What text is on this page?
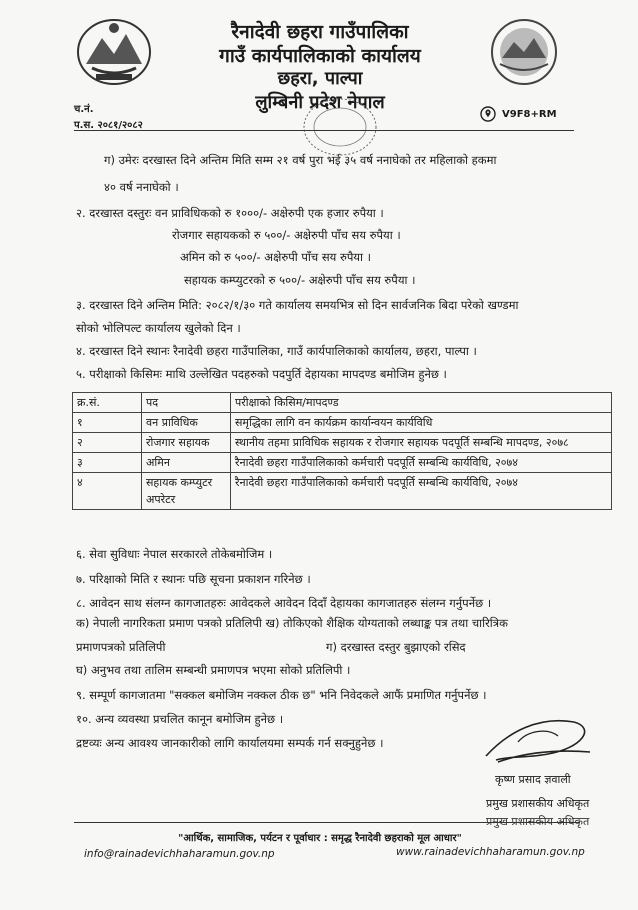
रैनादेवी छहरा गाउँपालिका
गाउँ कार्यपालिकाको कार्यालय
छहरा, पाल्पा
लुम्बिनी प्रदेश नेपाल
च.नं.
प.स. २०८१/२०८२
V9F8+RM
ग) उमेरः दरखास्त दिने अन्तिम मिति सम्म २१ वर्ष पुरा भई ३५ वर्ष ननाघेको तर महिलाको हकमा
४० वर्ष ननाघेको ।
२. दरखास्त दस्तुरः वन प्राविधिकको रु १०००/- अक्षेरुपी एक हजार रुपैया ।
रोजगार सहायकको रु ५००/- अक्षेरुपी पाँच सय रुपैया ।
अमिन को रु ५००/- अक्षेरुपी पाँच सय रुपैया ।
सहायक कम्प्युटरको रु ५००/- अक्षेरुपी पाँच सय रुपैया ।
३. दरखास्त दिने अन्तिम मिति: २०८२/१/३० गते कार्यालय समयभित्र सो दिन सार्वजनिक बिदा परेको खण्डमा
सोको भोलिपल्ट कार्यालय खुलेको दिन ।
४. दरखास्त दिने स्थानः रैनादेवी छहरा गाउँपालिका, गाउँ कार्यपालिकाको कार्यालय, छहरा, पाल्पा ।
५. परीक्षाको किसिमः माथि उल्लेखित पदहरुको पदपुर्ति देहायका मापदण्ड बमोजिम हुनेछ ।
क्र.सं.	पद	परीक्षाको किसिम/मापदण्ड
१	वन प्राविधिक	समृद्धिका लागि वन कार्यक्रम कार्यान्वयन कार्यविधि
२	रोजगार सहायक	स्थानीय तहमा प्राविधिक सहायक र रोजगार सहायक पदपूर्ति सम्बन्धि मापदण्ड, २०७८
३	अमिन	रैनादेवी छहरा गाउँपालिकाको कर्मचारी पदपूर्ति सम्बन्धि कार्यविधि, २०७४
४	सहायक कम्प्युटर अपरेटर	रैनादेवी छहरा गाउँपालिकाको कर्मचारी पदपूर्ति सम्बन्धि कार्यविधि, २०७४
६. सेवा सुविधाः नेपाल सरकारले तोकेबमोजिम ।
७. परिक्षाको मिति र स्थानः पछि सूचना प्रकाशन गरिनेछ ।
८. आवेदन साथ संलग्न कागजातहरुः आवेदकले आवेदन दिदाँ देहायका कागजातहरु संलग्न गर्नुपर्नेछ ।
क) नेपाली नागरिकता प्रमाण पत्रको प्रतिलिपी ख) तोकिएको शैक्षिक योग्यताको लब्धाङ्क पत्र तथा चारित्रिक
प्रमाणपत्रको प्रतिलिपी	ग) दरखास्त दस्तुर बुझाएको रसिद
घ) अनुभव तथा तालिम सम्बन्धी प्रमाणपत्र भएमा सोको प्रतिलिपी ।
९. सम्पूर्ण कागजातमा "सक्कल बमोजिम नक्कल ठीक छ" भनि निवेदकले आफैं प्रमाणित गर्नुपर्नेछ ।
१०. अन्य व्यवस्था प्रचलित कानून बमोजिम हुनेछ ।
द्रष्टव्यः अन्य आवश्य जानकारीको लागि कार्यालयमा सम्पर्क गर्न सक्नुहुनेछ ।
कृष्ण प्रसाद ज्ञवाली
प्रमुख प्रशासकीय अधिकृत
प्रमुख प्रशासकीय अधिकृत
"आर्थिक, सामाजिक, पर्यटन र पूर्वाधार : समृद्ध रैनादेवी छहराको मूल आधार"
info@rainadevichhaharamun.gov.np	www.rainadevichhaharamun.gov.np
